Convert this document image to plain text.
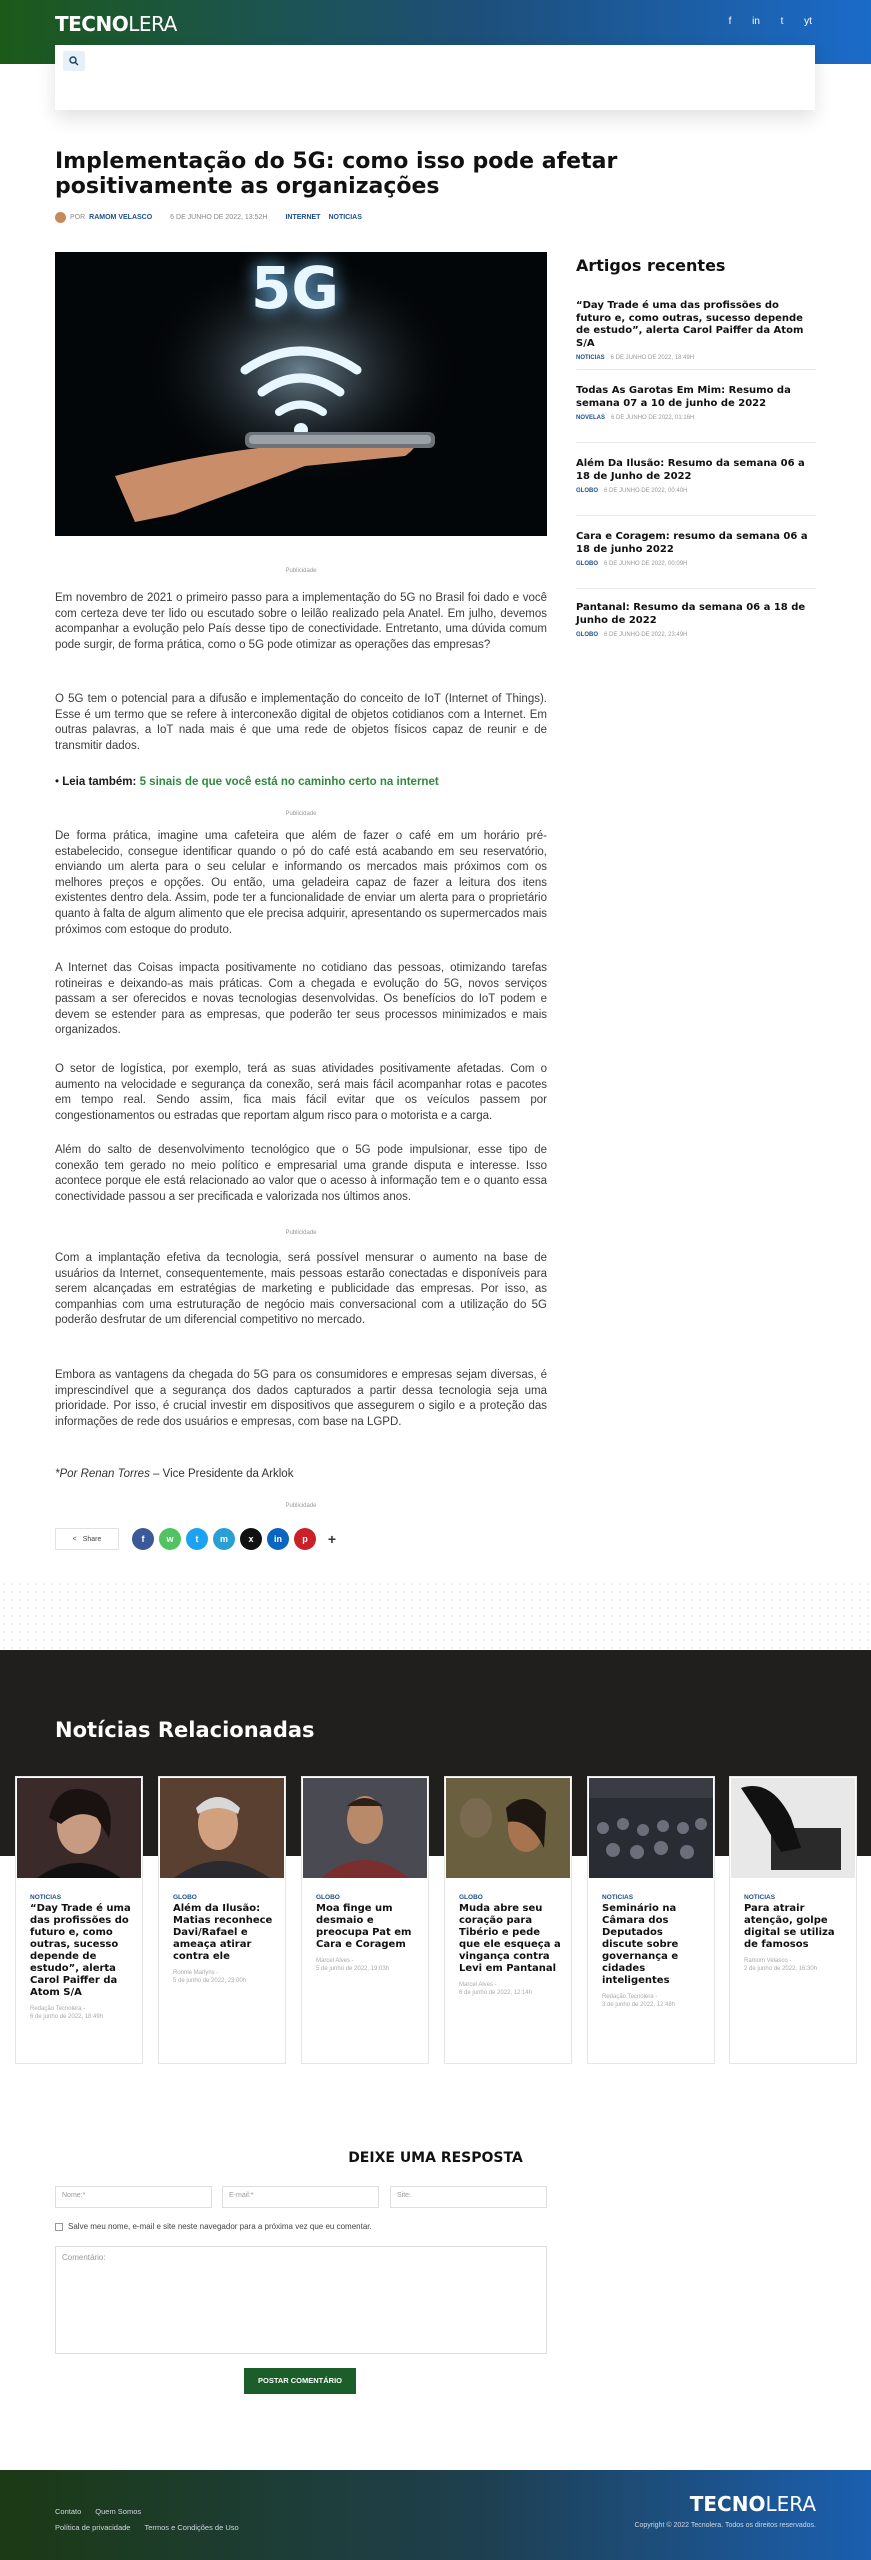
TECNOLERA	f	in	t	yt
Implementação do 5G: como isso pode afetar positivamente as organizações
POR RAMOM VELASCO	6 DE JUNHO DE 2022, 13:52H	INTERNET NOTICIAS
5G
Publicidade

Em novembro de 2021 o primeiro passo para a implementação do 5G no Brasil foi dado e você com certeza deve ter lido ou escutado sobre o leilão realizado pela Anatel. Em julho, devemos acompanhar a evolução pelo País desse tipo de conectividade. Entretanto, uma dúvida comum pode surgir, de forma prática, como o 5G pode otimizar as operações das empresas?

O 5G tem o potencial para a difusão e implementação do conceito de IoT (Internet of Things). Esse é um termo que se refere à interconexão digital de objetos cotidianos com a Internet. Em outras palavras, a IoT nada mais é que uma rede de objetos físicos capaz de reunir e de transmitir dados.

• Leia também: 5 sinais de que você está no caminho certo na internet
Publicidade

De forma prática, imagine uma cafeteira que além de fazer o café em um horário pré-estabelecido, consegue identificar quando o pó do café está acabando em seu reservatório, enviando um alerta para o seu celular e informando os mercados mais próximos com os melhores preços e opções. Ou então, uma geladeira capaz de fazer a leitura dos itens existentes dentro dela. Assim, pode ter a funcionalidade de enviar um alerta para o proprietário quanto à falta de algum alimento que ele precisa adquirir, apresentando os supermercados mais próximos com estoque do produto.

A Internet das Coisas impacta positivamente no cotidiano das pessoas, otimizando tarefas rotineiras e deixando-as mais práticas. Com a chegada e evolução do 5G, novos serviços passam a ser oferecidos e novas tecnologias desenvolvidas. Os benefícios do IoT podem e devem se estender para as empresas, que poderão ter seus processos minimizados e mais organizados.

O setor de logística, por exemplo, terá as suas atividades positivamente afetadas. Com o aumento na velocidade e segurança da conexão, será mais fácil acompanhar rotas e pacotes em tempo real. Sendo assim, fica mais fácil evitar que os veículos passem por congestionamentos ou estradas que reportam algum risco para o motorista e a carga.

Além do salto de desenvolvimento tecnológico que o 5G pode impulsionar, esse tipo de conexão tem gerado no meio político e empresarial uma grande disputa e interesse. Isso acontece porque ele está relacionado ao valor que o acesso à informação tem e o quanto essa conectividade passou a ser precificada e valorizada nos últimos anos.

Publicidade

Com a implantação efetiva da tecnologia, será possível mensurar o aumento na base de usuários da Internet, consequentemente, mais pessoas estarão conectadas e disponíveis para serem alcançadas em estratégias de marketing e publicidade das empresas. Por isso, as companhias com uma estruturação de negócio mais conversacional com a utilização do 5G poderão desfrutar de um diferencial competitivo no mercado.

Embora as vantagens da chegada do 5G para os consumidores e empresas sejam diversas, é imprescindível que a segurança dos dados capturados a partir dessa tecnologia seja uma prioridade. Por isso, é crucial investir em dispositivos que assegurem o sigilo e a proteção das informações de rede dos usuários e empresas, com base na LGPD.

*Por Renan Torres – Vice Presidente da Arklok
Publicidade
< Share	f	w	t	m	x	in	p	+
Artigos recentes
“Day Trade é uma das profissões do futuro e, como outras, sucesso depende de estudo”, alerta Carol Paiffer da Atom S/A
NOTICIAS 6 DE JUNHO DE 2022, 18:49H
Todas As Garotas Em Mim: Resumo da semana 07 a 10 de junho de 2022
NOVELAS 6 DE JUNHO DE 2022, 01:16H
Além Da Ilusão: Resumo da semana 06 a 18 de Junho de 2022
GLOBO 6 DE JUNHO DE 2022, 00:40H
Cara e Coragem: resumo da semana 06 a 18 de junho 2022
GLOBO 6 DE JUNHO DE 2022, 00:09H
Pantanal: Resumo da semana 06 a 18 de Junho de 2022
GLOBO 6 DE JUNHO DE 2022, 23:49H
Notícias Relacionadas
NOTICIAS
“Day Trade é uma das profissões do futuro e, como outras, sucesso depende de estudo”, alerta Carol Paiffer da Atom S/A
Redação Tecnolera -
6 de junho de 2022, 18:49h
GLOBO
Além da Ilusão: Matias reconhece Davi/Rafael e ameaça atirar contra ele
Ronnie Marlyns -
5 de junho de 2022, 23:00h
GLOBO
Moa finge um desmaio e preocupa Pat em Cara e Coragem
Marcel Alves -
5 de junho de 2022, 19:03h
GLOBO
Muda abre seu coração para Tibério e pede que ele esqueça a vingança contra Levi em Pantanal
Marcel Alves -
6 de junho de 2022, 12:14h
NOTICIAS
Seminário na Câmara dos Deputados discute sobre governança e cidades inteligentes
Redação Tecnolera -
3 de junho de 2022, 12:48h
NOTICIAS
Para atrair atenção, golpe digital se utiliza de famosos
Ramom Velasco -
2 de junho de 2022, 16:30h
DEIXE UMA RESPOSTA
Nome:*	E-mail:*	Site:
Salve meu nome, e-mail e site neste navegador para a próxima vez que eu comentar.
Comentário:
POSTAR COMENTÁRIO
Contato Quem Somos
Política de privacidade Termos e Condições de Uso
TECNOLERA
Copyright © 2022 Tecnolera. Todos os direitos reservados.
